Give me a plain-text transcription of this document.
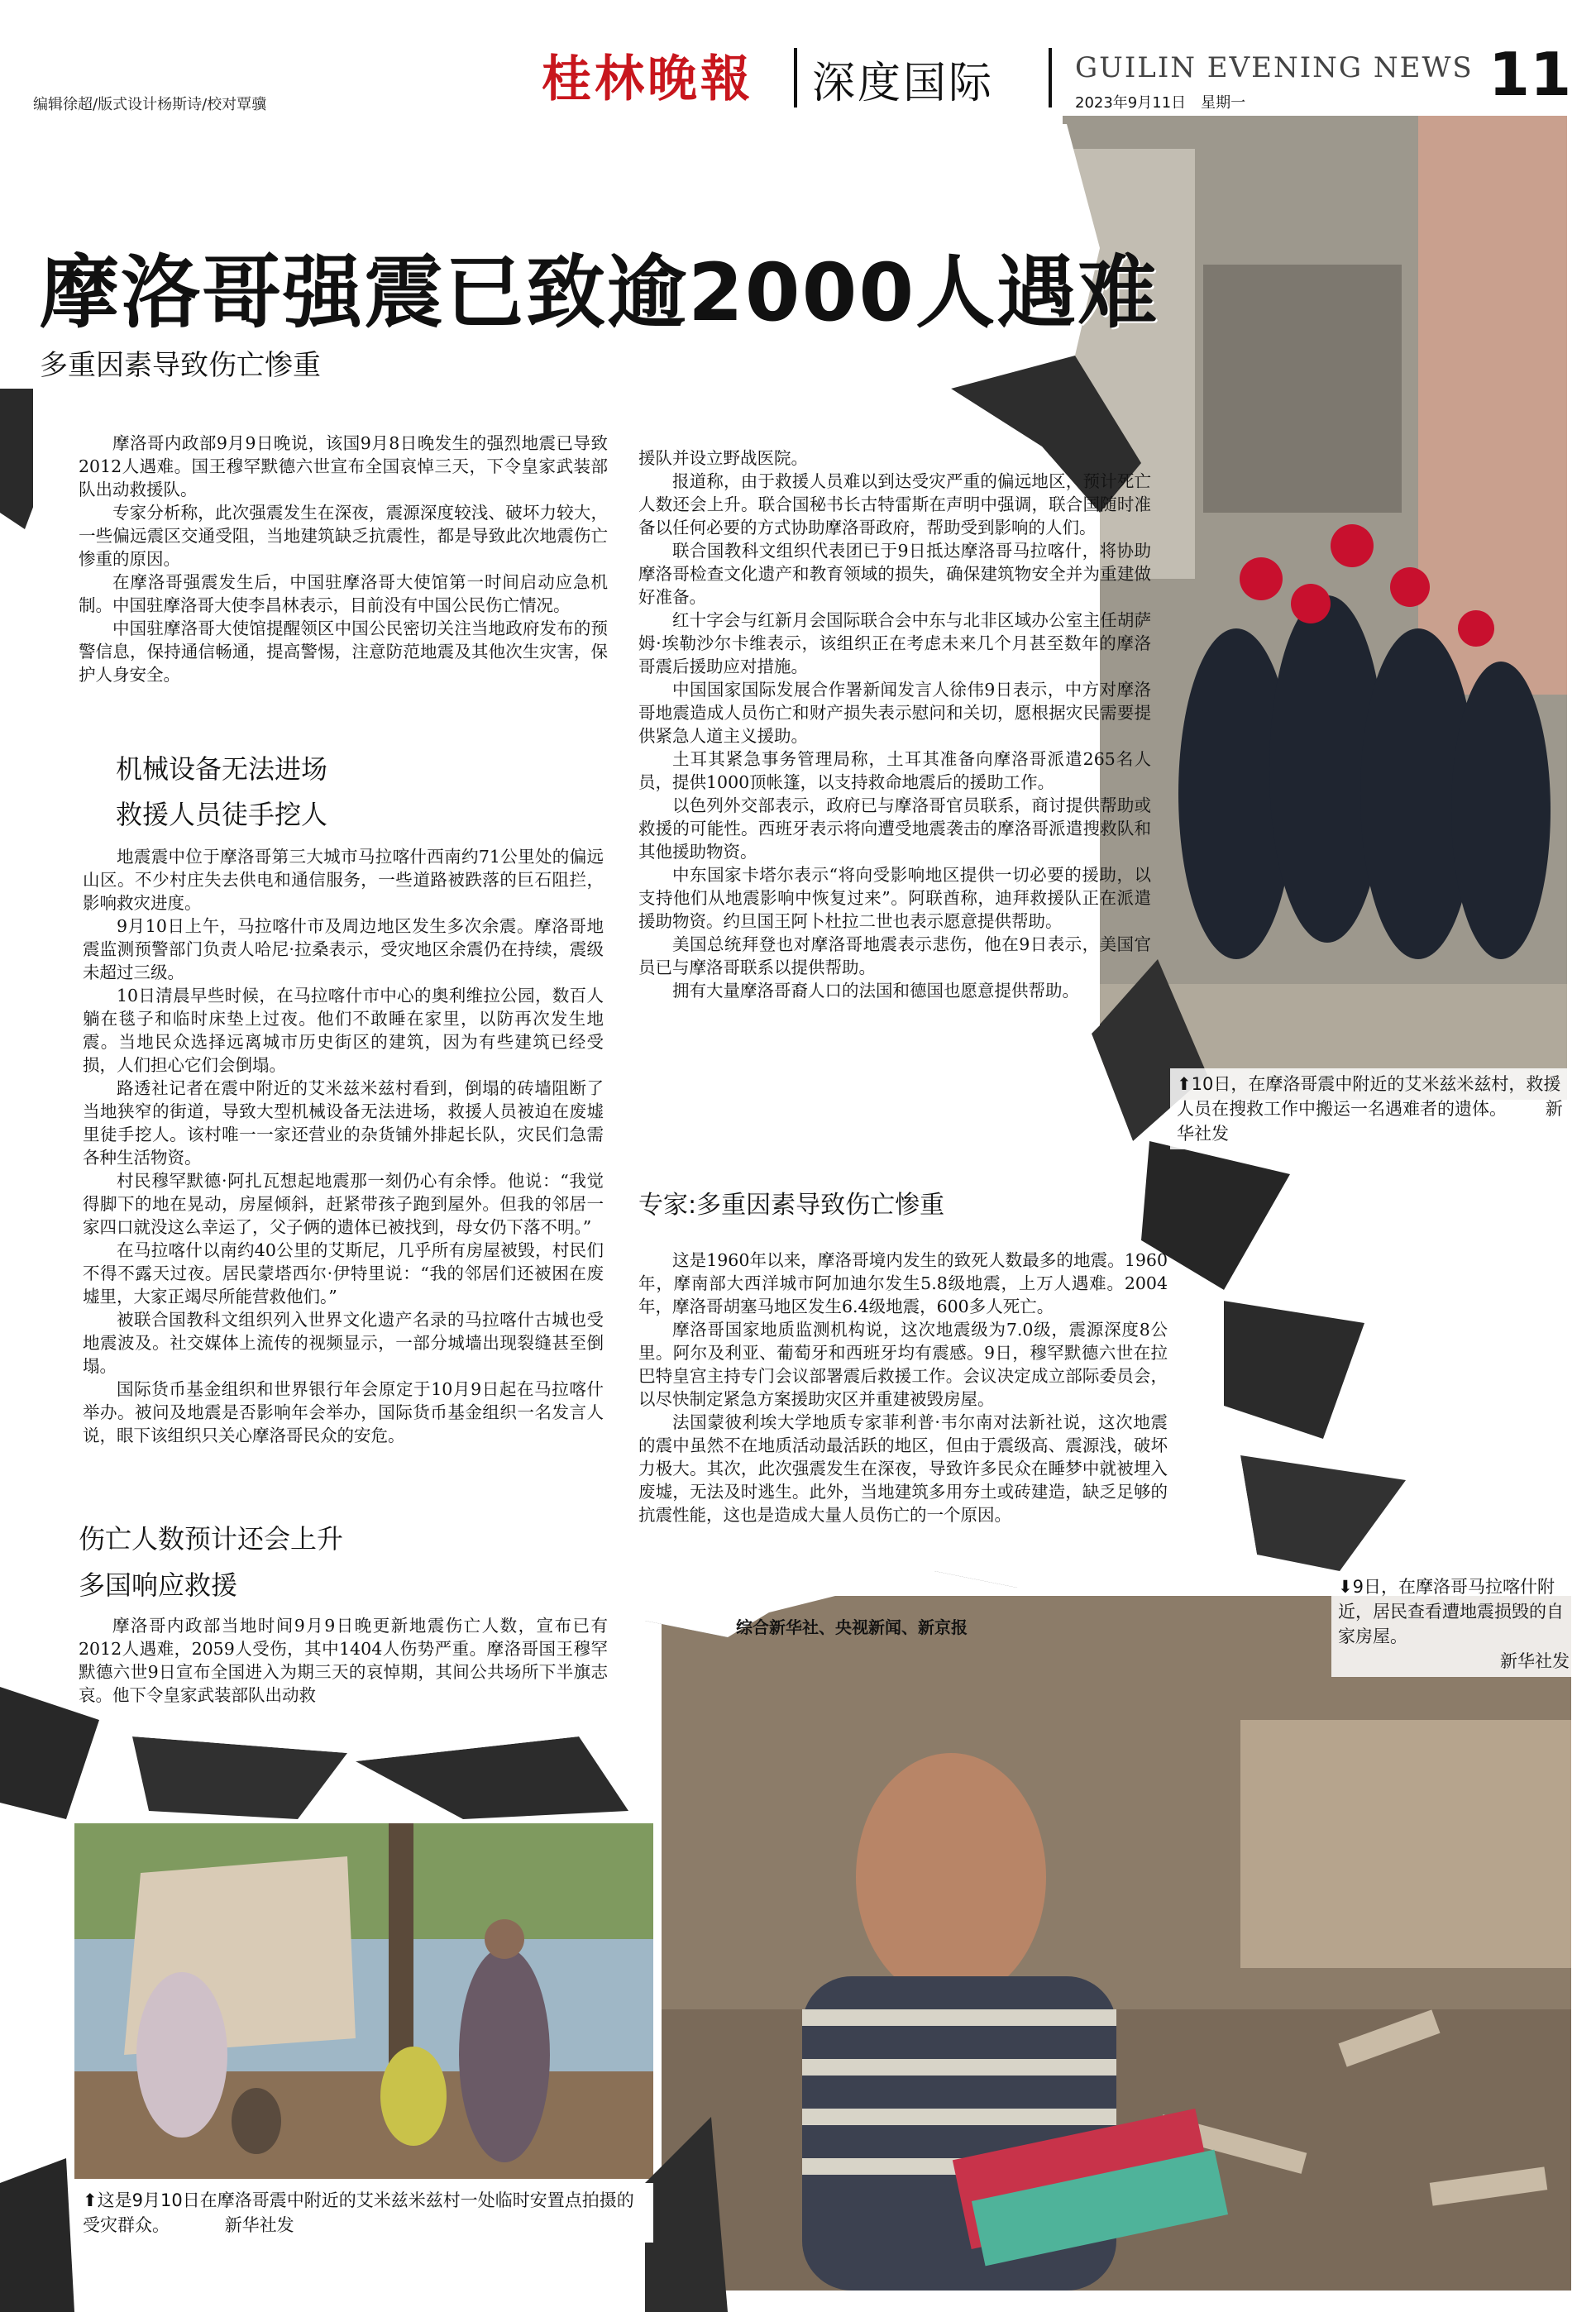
编辑徐超/版式设计杨斯诗/校对覃骥	桂林晚報 深度国际	GUILIN EVENING NEWS
2023年9月11日　星期一	11
摩洛哥强震已致逾2000人遇难
多重因素导致伤亡惨重

摩洛哥内政部9月9日晚说，该国9月8日晚发生的强烈地震已导致2012人遇难。国王穆罕默德六世宣布全国哀悼三天，下令皇家武装部队出动救援队。

专家分析称，此次强震发生在深夜，震源深度较浅、破坏力较大，一些偏远震区交通受阻，当地建筑缺乏抗震性，都是导致此次地震伤亡惨重的原因。

在摩洛哥强震发生后，中国驻摩洛哥大使馆第一时间启动应急机制。中国驻摩洛哥大使李昌林表示，目前没有中国公民伤亡情况。

中国驻摩洛哥大使馆提醒领区中国公民密切关注当地政府发布的预警信息，保持通信畅通，提高警惕，注意防范地震及其他次生灾害，保护人身安全。

机械设备无法进场
救援人员徒手挖人

地震震中位于摩洛哥第三大城市马拉喀什西南约71公里处的偏远山区。不少村庄失去供电和通信服务，一些道路被跌落的巨石阻拦，影响救灾进度。

9月10日上午，马拉喀什市及周边地区发生多次余震。摩洛哥地震监测预警部门负责人哈尼·拉桑表示，受灾地区余震仍在持续，震级未超过三级。

10日清晨早些时候，在马拉喀什市中心的奥利维拉公园，数百人躺在毯子和临时床垫上过夜。他们不敢睡在家里，以防再次发生地震。当地民众选择远离城市历史街区的建筑，因为有些建筑已经受损，人们担心它们会倒塌。

路透社记者在震中附近的艾米兹米兹村看到，倒塌的砖墙阻断了当地狭窄的街道，导致大型机械设备无法进场，救援人员被迫在废墟里徒手挖人。该村唯一一家还营业的杂货铺外排起长队，灾民们急需各种生活物资。

村民穆罕默德·阿扎瓦想起地震那一刻仍心有余悸。他说：“我觉得脚下的地在晃动，房屋倾斜，赶紧带孩子跑到屋外。但我的邻居一家四口就没这么幸运了，父子俩的遗体已被找到，母女仍下落不明。”

在马拉喀什以南约40公里的艾斯尼，几乎所有房屋被毁，村民们不得不露天过夜。居民蒙塔西尔·伊特里说：“我的邻居们还被困在废墟里，大家正竭尽所能营救他们。”

被联合国教科文组织列入世界文化遗产名录的马拉喀什古城也受地震波及。社交媒体上流传的视频显示，一部分城墙出现裂缝甚至倒塌。

国际货币基金组织和世界银行年会原定于10月9日起在马拉喀什举办。被问及地震是否影响年会举办，国际货币基金组织一名发言人说，眼下该组织只关心摩洛哥民众的安危。

伤亡人数预计还会上升
多国响应救援

摩洛哥内政部当地时间9月9日晚更新地震伤亡人数，宣布已有2012人遇难，2059人受伤，其中1404人伤势严重。摩洛哥国王穆罕默德六世9日宣布全国进入为期三天的哀悼期，其间公共场所下半旗志哀。他下令皇家武装部队出动救

援队并设立野战医院。

报道称，由于救援人员难以到达受灾严重的偏远地区，预计死亡人数还会上升。联合国秘书长古特雷斯在声明中强调，联合国随时准备以任何必要的方式协助摩洛哥政府，帮助受到影响的人们。

联合国教科文组织代表团已于9日抵达摩洛哥马拉喀什，将协助摩洛哥检查文化遗产和教育领域的损失，确保建筑物安全并为重建做好准备。

红十字会与红新月会国际联合会中东与北非区域办公室主任胡萨姆·埃勒沙尔卡维表示，该组织正在考虑未来几个月甚至数年的摩洛哥震后援助应对措施。

中国国家国际发展合作署新闻发言人徐伟9日表示，中方对摩洛哥地震造成人员伤亡和财产损失表示慰问和关切，愿根据灾民需要提供紧急人道主义援助。

土耳其紧急事务管理局称，土耳其准备向摩洛哥派遣265名人员，提供1000顶帐篷，以支持救命地震后的援助工作。

以色列外交部表示，政府已与摩洛哥官员联系，商讨提供帮助或救援的可能性。西班牙表示将向遭受地震袭击的摩洛哥派遣搜救队和其他援助物资。

中东国家卡塔尔表示“将向受影响地区提供一切必要的援助，以支持他们从地震影响中恢复过来”。阿联酋称，迪拜救援队正在派遣援助物资。约旦国王阿卜杜拉二世也表示愿意提供帮助。

美国总统拜登也对摩洛哥地震表示悲伤，他在9日表示，美国官员已与摩洛哥联系以提供帮助。

拥有大量摩洛哥裔人口的法国和德国也愿意提供帮助。

专家:多重因素导致伤亡惨重

这是1960年以来，摩洛哥境内发生的致死人数最多的地震。1960年，摩南部大西洋城市阿加迪尔发生5.8级地震，上万人遇难。2004年，摩洛哥胡塞马地区发生6.4级地震，600多人死亡。

摩洛哥国家地质监测机构说，这次地震级为7.0级，震源深度8公里。阿尔及利亚、葡萄牙和西班牙均有震感。9日，穆罕默德六世在拉巴特皇宫主持专门会议部署震后救援工作。会议决定成立部际委员会，以尽快制定紧急方案援助灾区并重建被毁房屋。

法国蒙彼利埃大学地质专家菲利普·韦尔南对法新社说，这次地震的震中虽然不在地质活动最活跃的地区，但由于震级高、震源浅，破坏力极大。其次，此次强震发生在深夜，导致许多民众在睡梦中就被埋入废墟，无法及时逃生。此外，当地建筑多用夯土或砖建造，缺乏足够的抗震性能，这也是造成大量人员伤亡的一个原因。

综合新华社、央视新闻、新京报
⬆10日，在摩洛哥震中附近的艾米兹米兹村，救援人员在搜救工作中搬运一名遇难者的遗体。 新华社发
⬇9日，在摩洛哥马拉喀什附近，居民查看遭地震损毁的自家房屋。
新华社发
⬆这是9月10日在摩洛哥震中附近的艾米兹米兹村一处临时安置点拍摄的受灾群众。	新华社发
